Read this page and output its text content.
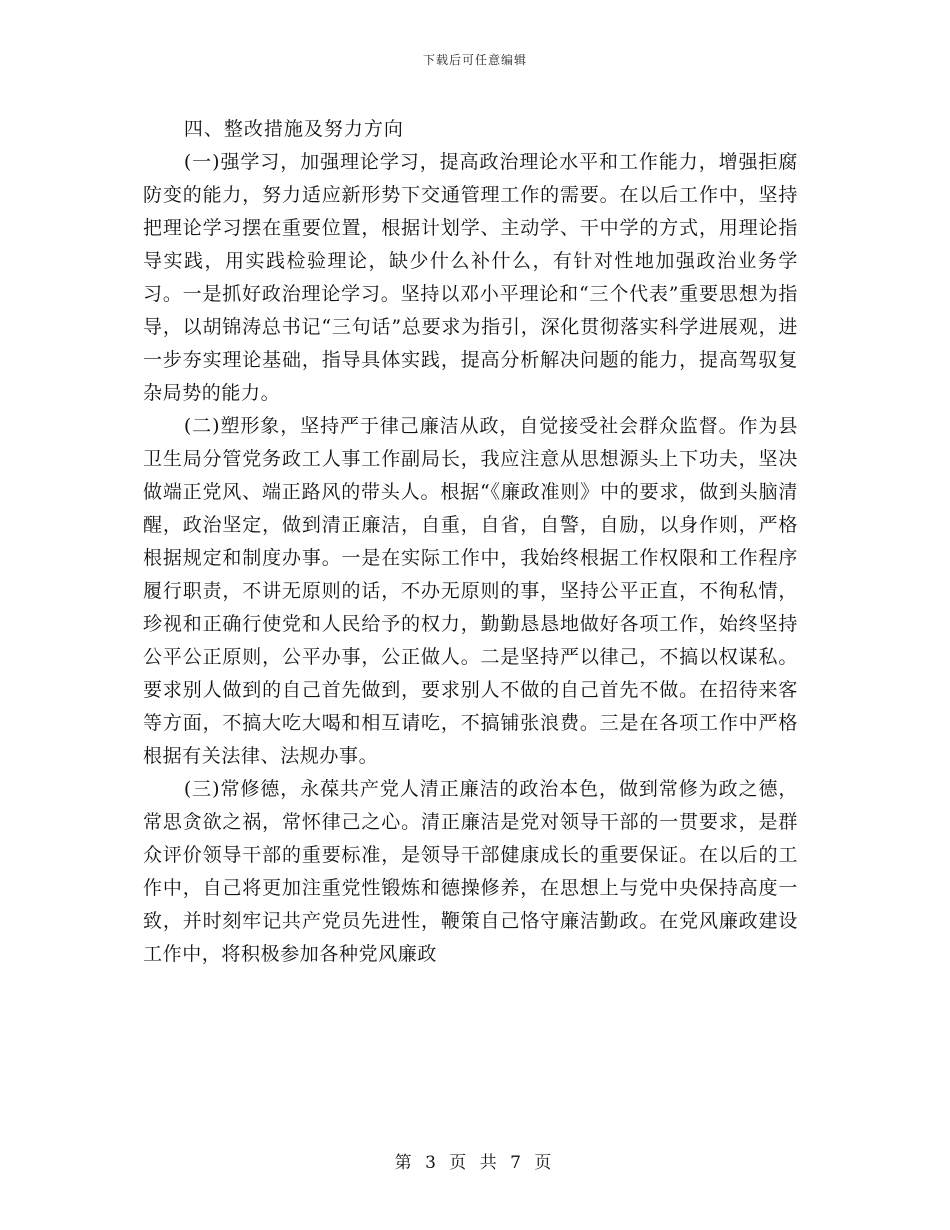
下载后可任意编辑
四、整改措施及努力方向

(一)强学习，加强理论学习，提高政治理论水平和工作能力，增强拒腐防变的能力，努力适应新形势下交通管理工作的需要。在以后工作中，坚持把理论学习摆在重要位置，根据计划学、主动学、干中学的方式，用理论指导实践，用实践检验理论，缺少什么补什么，有针对性地加强政治业务学习。一是抓好政治理论学习。坚持以邓小平理论和“三个代表”重要思想为指导，以胡锦涛总书记“三句话”总要求为指引，深化贯彻落实科学进展观，进一步夯实理论基础，指导具体实践，提高分析解决问题的能力，提高驾驭复杂局势的能力。

(二)塑形象，坚持严于律己廉洁从政，自觉接受社会群众监督。作为县卫生局分管党务政工人事工作副局长，我应注意从思想源头上下功夫，坚决做端正党风、端正路风的带头人。根据“《廉政准则》中的要求，做到头脑清醒，政治坚定，做到清正廉洁，自重，自省，自警，自励，以身作则，严格根据规定和制度办事。一是在实际工作中，我始终根据工作权限和工作程序履行职责，不讲无原则的话，不办无原则的事，坚持公平正直，不徇私情，珍视和正确行使党和人民给予的权力，勤勤恳恳地做好各项工作，始终坚持公平公正原则，公平办事，公正做人。二是坚持严以律己，不搞以权谋私。要求别人做到的自己首先做到，要求别人不做的自己首先不做。在招待来客等方面，不搞大吃大喝和相互请吃，不搞铺张浪费。三是在各项工作中严格根据有关法律、法规办事。

(三)常修德，永葆共产党人清正廉洁的政治本色，做到常修为政之德，常思贪欲之祸，常怀律己之心。清正廉洁是党对领导干部的一贯要求，是群众评价领导干部的重要标准，是领导干部健康成长的重要保证。在以后的工作中，自己将更加注重党性锻炼和德操修养，在思想上与党中央保持高度一致，并时刻牢记共产党员先进性，鞭策自己恪守廉洁勤政。在党风廉政建设工作中，将积极参加各种党风廉政

第 3 页 共 7 页
